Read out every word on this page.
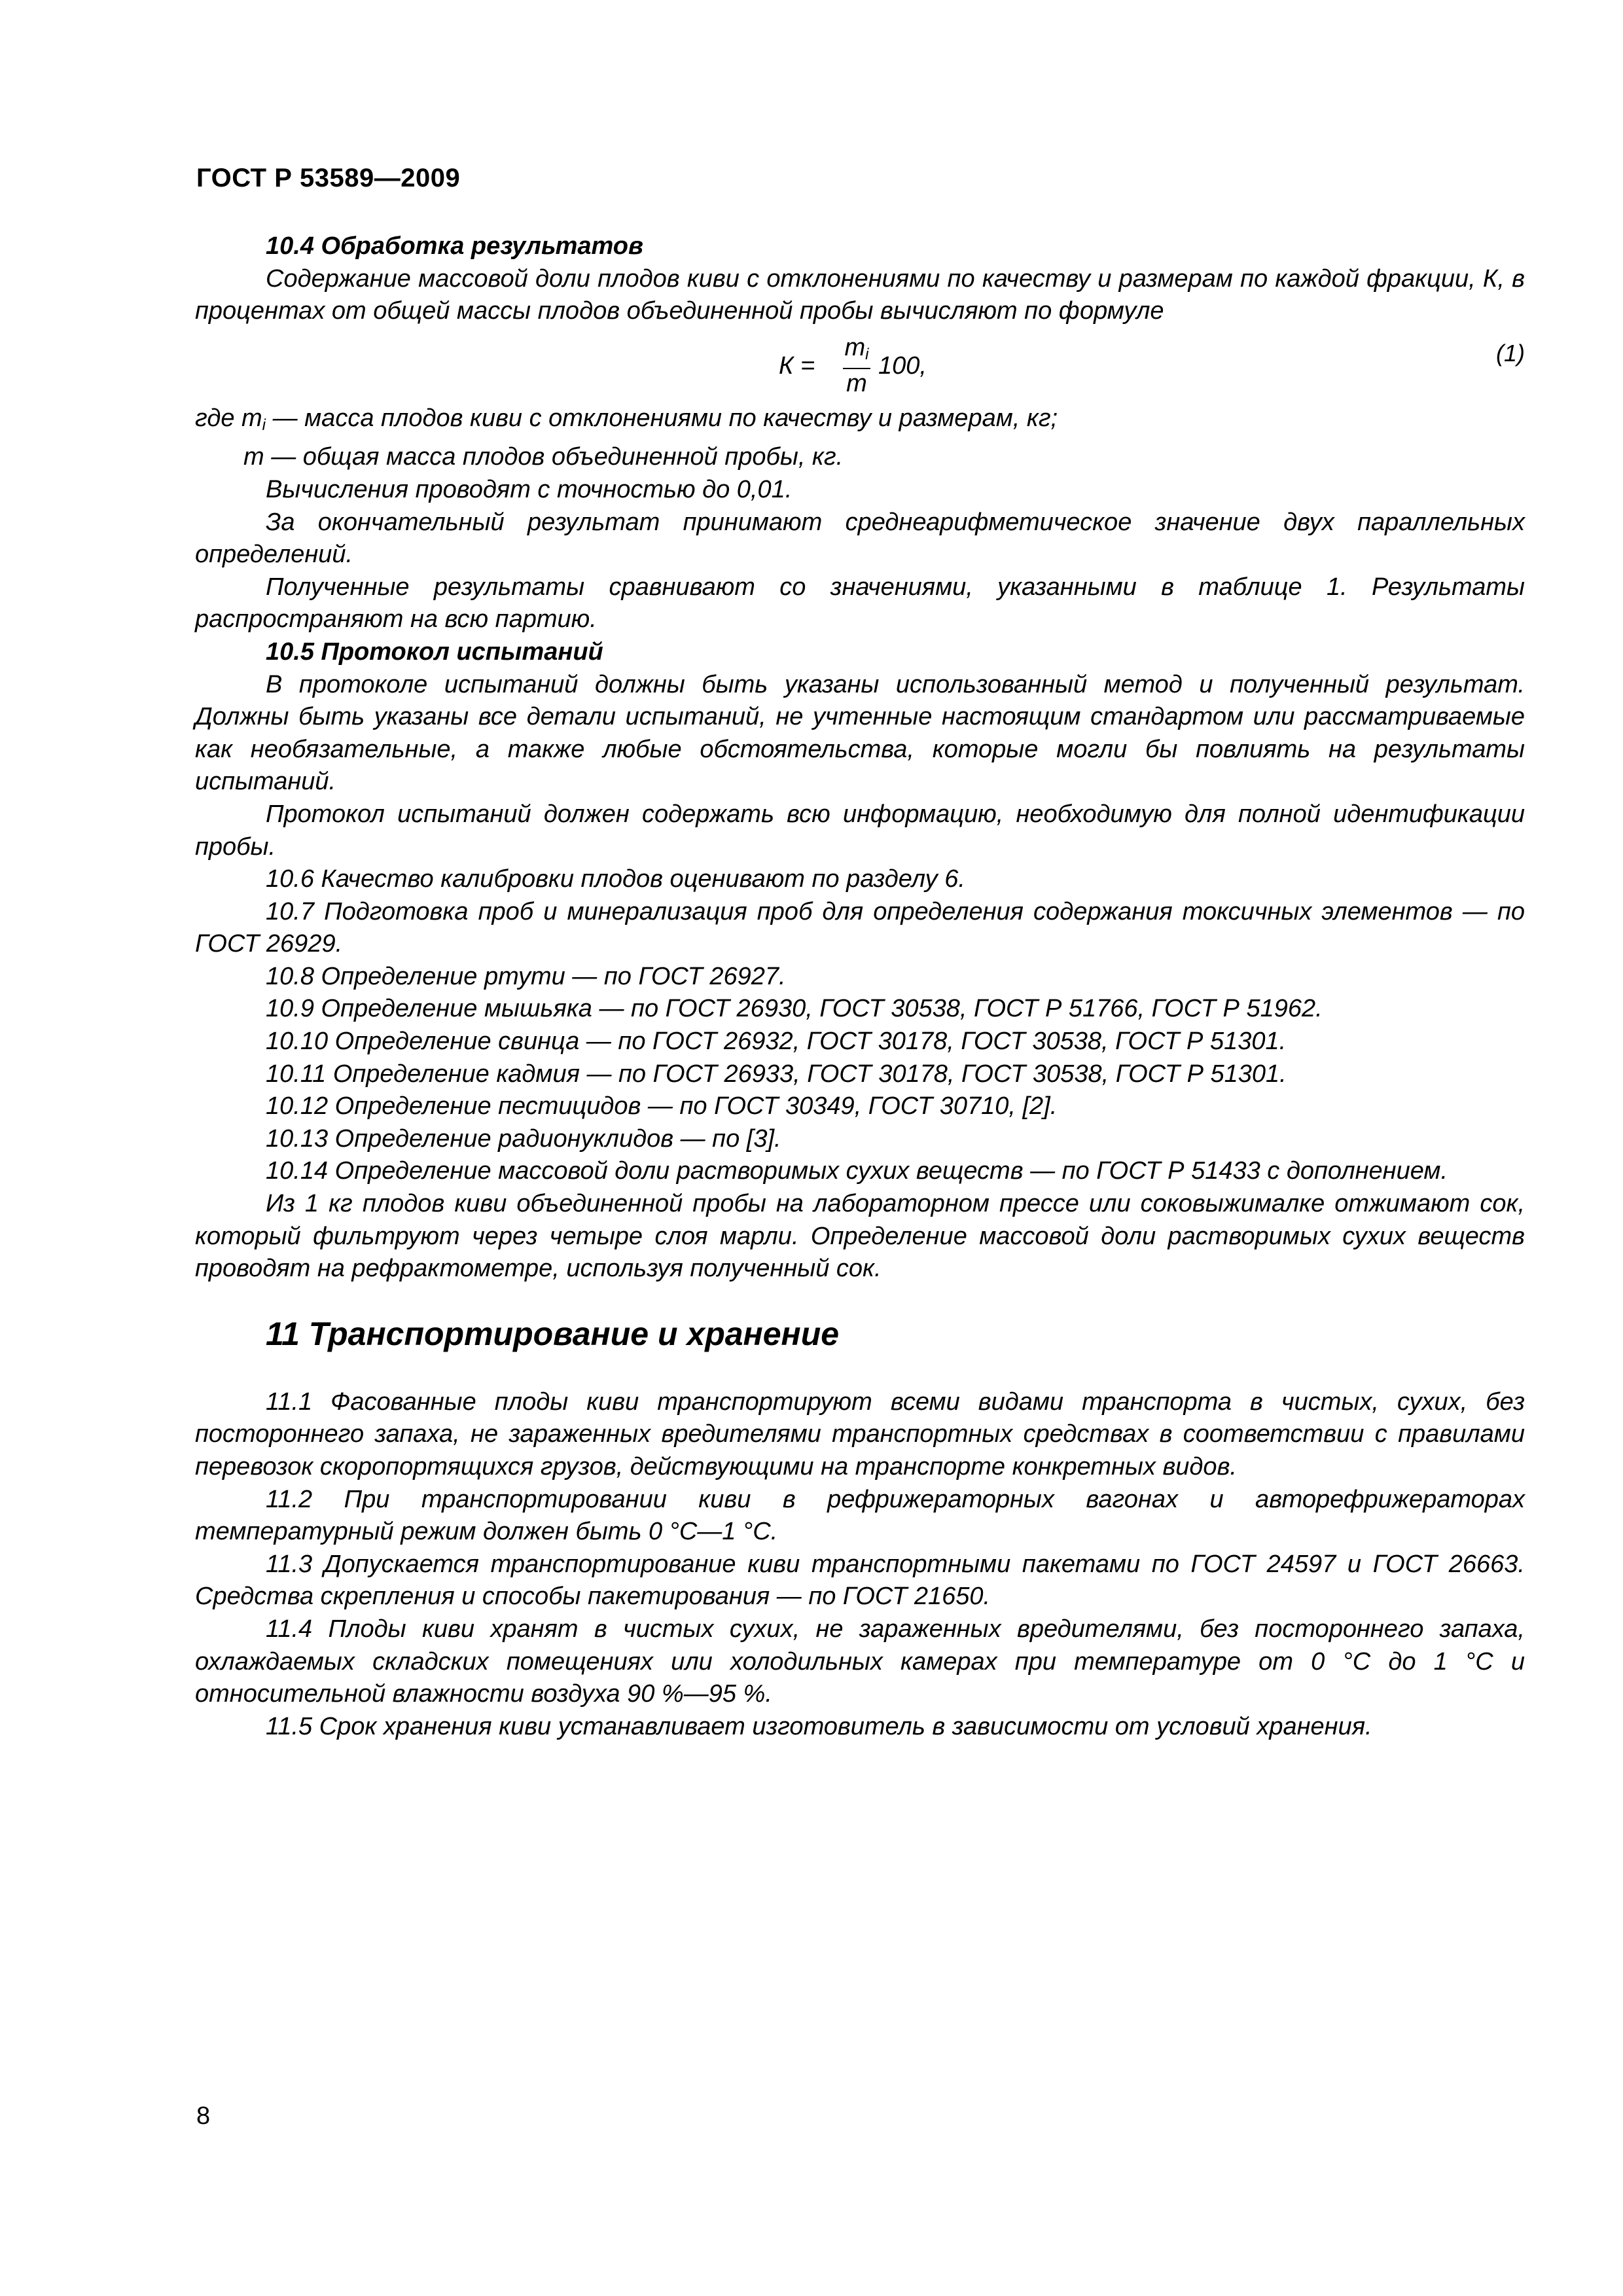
ГОСТ Р 53589—2009

10.4 Обработка результатов

Содержание массовой доли плодов киви с отклонениями по качеству и размерам по каждой фракции, К, в процентах от общей массы плодов объединенной пробы вычисляют по формуле

К =
$m_i$
m
100,	(1)

где $m_i$ — масса плодов киви с отклонениями по качеству и размерам, кг;

m — общая масса плодов объединенной пробы, кг.

Вычисления проводят с точностью до 0,01.

За окончательный результат принимают среднеарифметическое значение двух параллельных определений.

Полученные результаты сравнивают со значениями, указанными в таблице 1. Результаты распространяют на всю партию.

10.5 Протокол испытаний

В протоколе испытаний должны быть указаны использованный метод и полученный результат. Должны быть указаны все детали испытаний, не учтенные настоящим стандартом или рассматриваемые как необязательные, а также любые обстоятельства, которые могли бы повлиять на результаты испытаний.

Протокол испытаний должен содержать всю информацию, необходимую для полной идентификации пробы.

10.6 Качество калибровки плодов оценивают по разделу 6.

10.7 Подготовка проб и минерализация проб для определения содержания токсичных элементов — по ГОСТ 26929.

10.8 Определение ртути — по ГОСТ 26927.

10.9 Определение мышьяка — по ГОСТ 26930, ГОСТ 30538, ГОСТ Р 51766, ГОСТ Р 51962.

10.10 Определение свинца — по ГОСТ 26932, ГОСТ 30178, ГОСТ 30538, ГОСТ Р 51301.

10.11 Определение кадмия — по ГОСТ 26933, ГОСТ 30178, ГОСТ 30538, ГОСТ Р 51301.

10.12 Определение пестицидов — по ГОСТ 30349, ГОСТ 30710, [2].

10.13 Определение радионуклидов — по [3].

10.14 Определение массовой доли растворимых сухих веществ — по ГОСТ Р 51433 с дополнением.

Из 1 кг плодов киви объединенной пробы на лабораторном прессе или соковыжималке отжимают сок, который фильтруют через четыре слоя марли. Определение массовой доли растворимых сухих веществ проводят на рефрактометре, используя полученный сок.

11 Транспортирование и хранение

11.1 Фасованные плоды киви транспортируют всеми видами транспорта в чистых, сухих, без постороннего запаха, не зараженных вредителями транспортных средствах в соответствии с правилами перевозок скоропортящихся грузов, действующими на транспорте конкретных видов.

11.2 При транспортировании киви в рефрижераторных вагонах и авторефрижераторах температурный режим должен быть 0 °С—1 °С.

11.3 Допускается транспортирование киви транспортными пакетами по ГОСТ 24597 и ГОСТ 26663. Средства скрепления и способы пакетирования — по ГОСТ 21650.

11.4 Плоды киви хранят в чистых сухих, не зараженных вредителями, без постороннего запаха, охлаждаемых складских помещениях или холодильных камерах при температуре от 0 °С до 1 °С и относительной влажности воздуха 90 %—95 %.

11.5 Срок хранения киви устанавливает изготовитель в зависимости от условий хранения.

8
